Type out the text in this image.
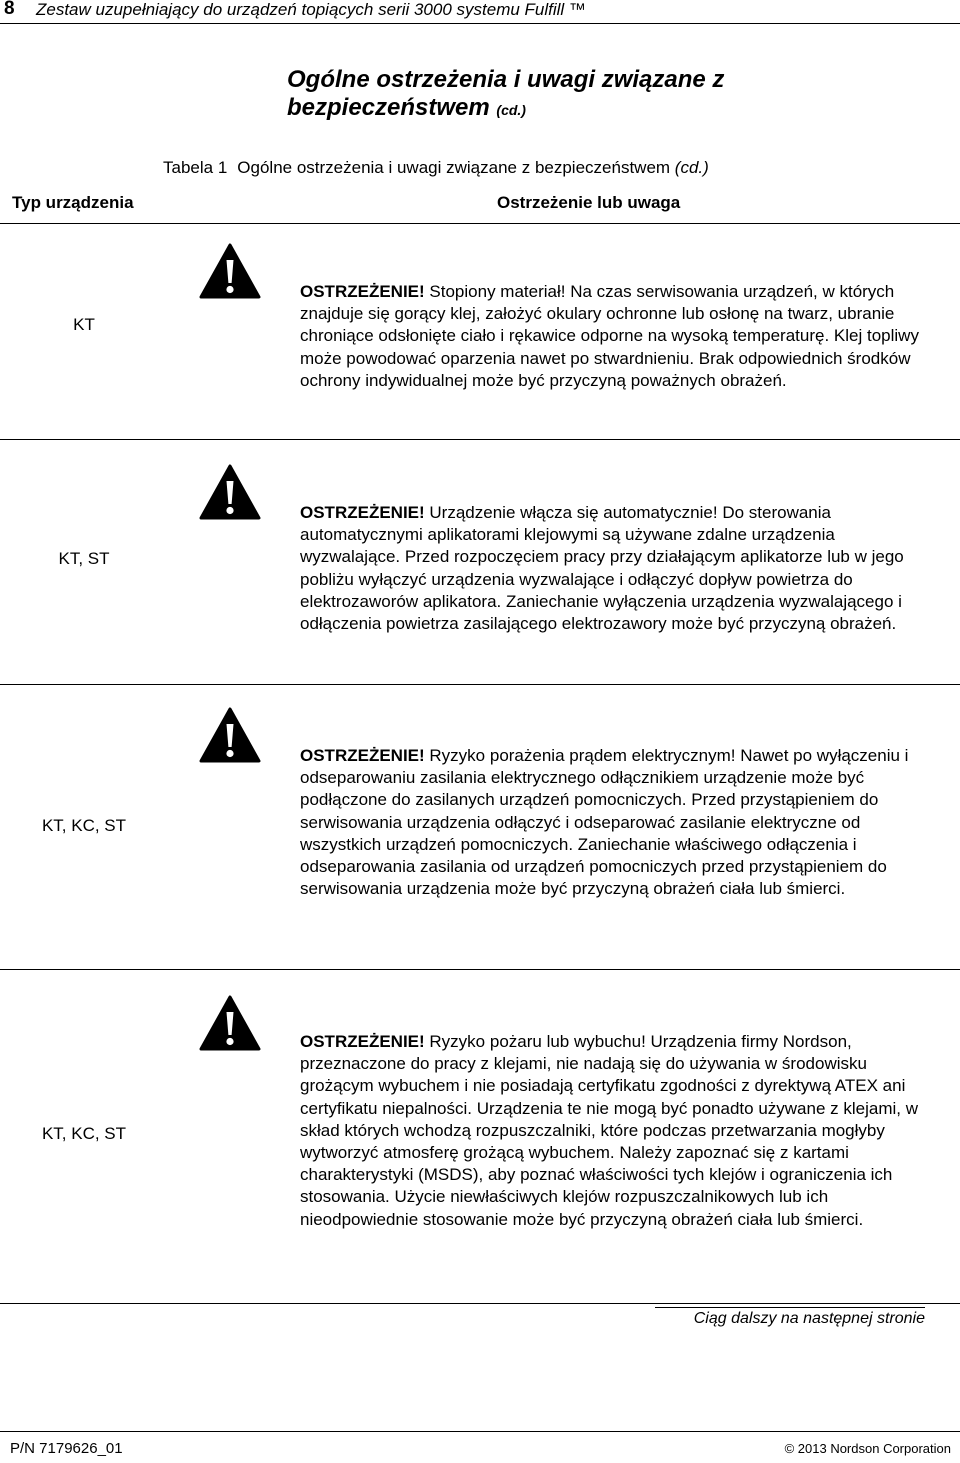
8 Zestaw uzupełniający do urządzeń topiących serii 3000 systemu Fulfill ™
Ogólne ostrzeżenia i uwagi związane z bezpieczeństwem (cd.)
Tabela 1 Ogólne ostrzeżenia i uwagi związane z bezpieczeństwem (cd.)
Typ urządzenia	Ostrzeżenie lub uwaga
KT
OSTRZEŻENIE! Stopiony materiał! Na czas serwisowania urządzeń, w których znajduje się gorący klej, założyć okulary ochronne lub osłonę na twarz, ubranie chroniące odsłonięte ciało i rękawice odporne na wysoką temperaturę. Klej topliwy może powodować oparzenia nawet po stwardnieniu. Brak odpowiednich środków ochrony indywidualnej może być przyczyną poważnych obrażeń.
KT, ST
OSTRZEŻENIE! Urządzenie włącza się automatycznie! Do sterowania automatycznymi aplikatorami klejowymi są używane zdalne urządzenia wyzwalające. Przed rozpoczęciem pracy przy działającym aplikatorze lub w jego pobliżu wyłączyć urządzenia wyzwalające i odłączyć dopływ powietrza do elektrozaworów aplikatora. Zaniechanie wyłączenia urządzenia wyzwalającego i odłączenia powietrza zasilającego elektrozawory może być przyczyną obrażeń.
KT, KC, ST
OSTRZEŻENIE! Ryzyko porażenia prądem elektrycznym! Nawet po wyłączeniu i odseparowaniu zasilania elektrycznego odłącznikiem urządzenie może być podłączone do zasilanych urządzeń pomocniczych. Przed przystąpieniem do serwisowania urządzenia odłączyć i odseparować zasilanie elektryczne od wszystkich urządzeń pomocniczych. Zaniechanie właściwego odłączenia i odseparowania zasilania od urządzeń pomocniczych przed przystąpieniem do serwisowania urządzenia może być przyczyną obrażeń ciała lub śmierci.
KT, KC, ST
OSTRZEŻENIE! Ryzyko pożaru lub wybuchu! Urządzenia firmy Nordson, przeznaczone do pracy z klejami, nie nadają się do używania w środowisku grożącym wybuchem i nie posiadają certyfikatu zgodności z dyrektywą ATEX ani certyfikatu niepalności. Urządzenia te nie mogą być ponadto używane z klejami, w skład których wchodzą rozpuszczalniki, które podczas przetwarzania mogłyby wytworzyć atmosferę grożącą wybuchem. Należy zapoznać się z kartami charakterystyki (MSDS), aby poznać właściwości tych klejów i ograniczenia ich stosowania. Użycie niewłaściwych klejów rozpuszczalnikowych lub ich nieodpowiednie stosowanie może być przyczyną obrażeń ciała lub śmierci.
Ciąg dalszy na następnej stronie
P/N 7179626_01	© 2013 Nordson Corporation
